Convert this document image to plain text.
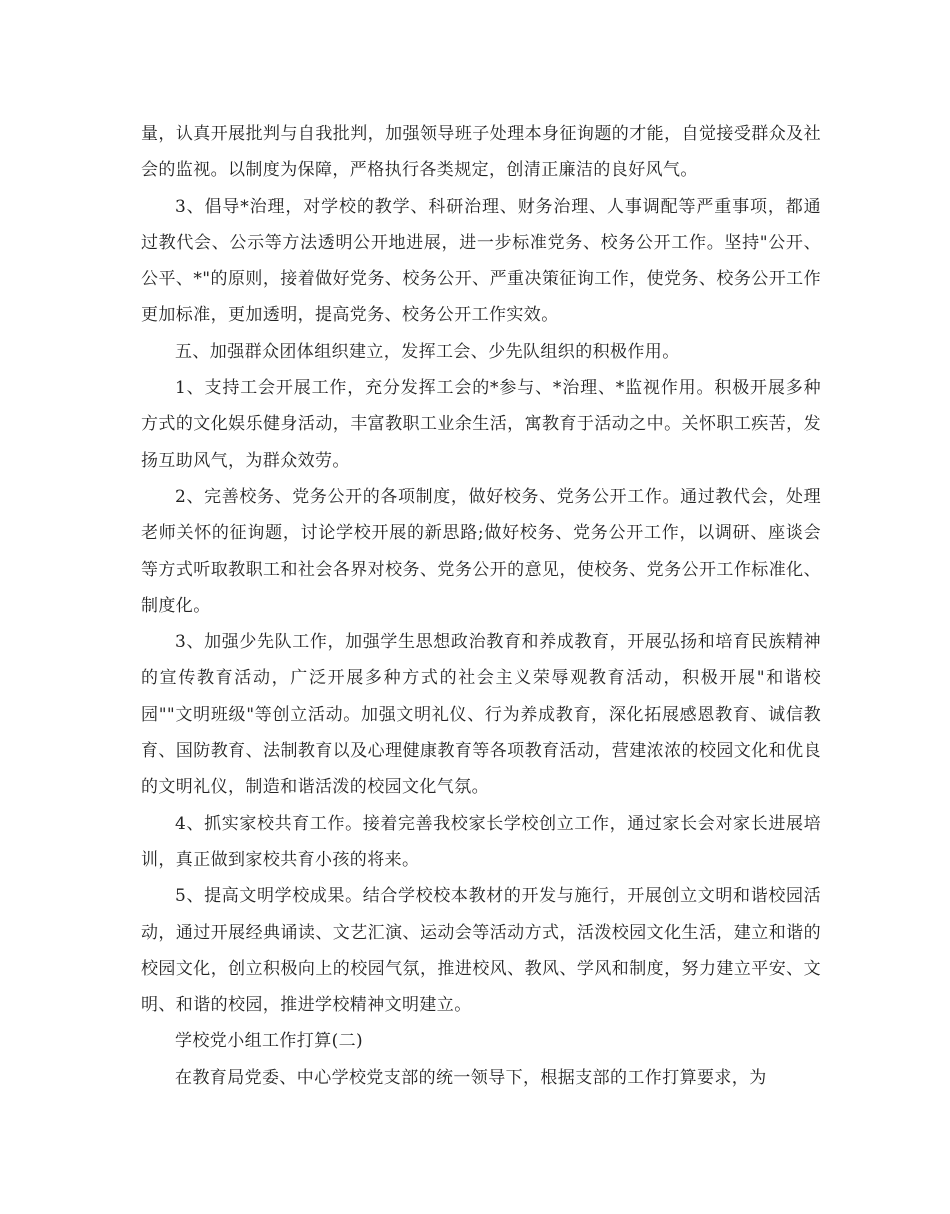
量，认真开展批判与自我批判，加强领导班子处理本身征询题的才能，自觉接受群众及社会的监视。以制度为保障，严格执行各类规定，创清正廉洁的良好风气。

3、倡导*治理，对学校的教学、科研治理、财务治理、人事调配等严重事项，都通过教代会、公示等方法透明公开地进展，进一步标准党务、校务公开工作。坚持"公开、公平、*"的原则，接着做好党务、校务公开、严重决策征询工作，使党务、校务公开工作更加标准，更加透明，提高党务、校务公开工作实效。

五、加强群众团体组织建立，发挥工会、少先队组织的积极作用。

1、支持工会开展工作，充分发挥工会的*参与、*治理、*监视作用。积极开展多种方式的文化娱乐健身活动，丰富教职工业余生活，寓教育于活动之中。关怀职工疾苦，发扬互助风气，为群众效劳。

2、完善校务、党务公开的各项制度，做好校务、党务公开工作。通过教代会，处理老师关怀的征询题，讨论学校开展的新思路;做好校务、党务公开工作，以调研、座谈会等方式听取教职工和社会各界对校务、党务公开的意见，使校务、党务公开工作标准化、制度化。

3、加强少先队工作，加强学生思想政治教育和养成教育，开展弘扬和培育民族精神的宣传教育活动，广泛开展多种方式的社会主义荣辱观教育活动，积极开展"和谐校园""文明班级"等创立活动。加强文明礼仪、行为养成教育，深化拓展感恩教育、诚信教育、国防教育、法制教育以及心理健康教育等各项教育活动，营建浓浓的校园文化和优良的文明礼仪，制造和谐活泼的校园文化气氛。

4、抓实家校共育工作。接着完善我校家长学校创立工作，通过家长会对家长进展培训，真正做到家校共育小孩的将来。

5、提高文明学校成果。结合学校校本教材的开发与施行，开展创立文明和谐校园活动，通过开展经典诵读、文艺汇演、运动会等活动方式，活泼校园文化生活，建立和谐的校园文化，创立积极向上的校园气氛，推进校风、教风、学风和制度，努力建立平安、文明、和谐的校园，推进学校精神文明建立。

学校党小组工作打算(二)

在教育局党委、中心学校党支部的统一领导下，根据支部的工作打算要求，为
